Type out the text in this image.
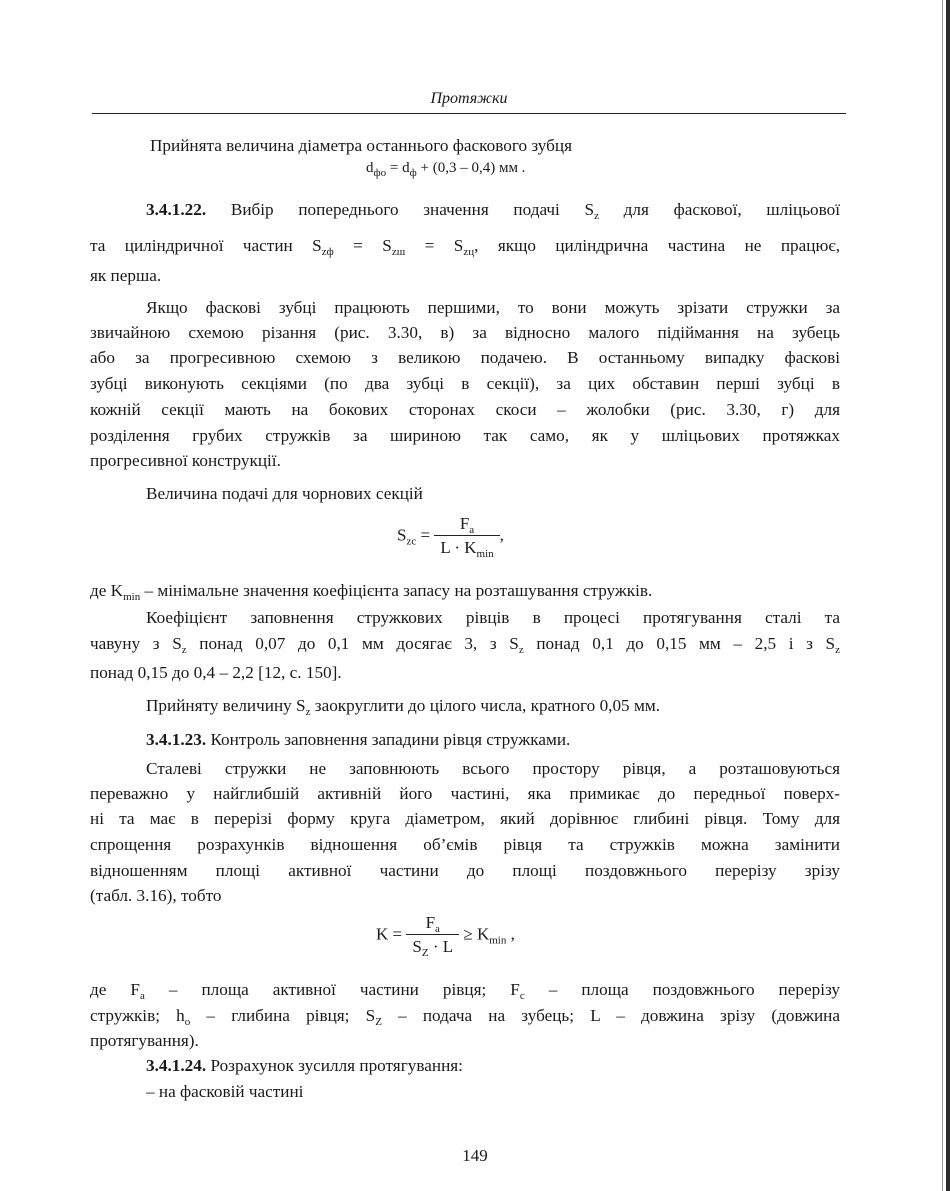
Протяжки
Прийнята величина діаметра останнього фаскового зубця
$d_{фо} = d_ф + (0,3 - 0,4)$ мм .
3.4.1.22. Вибір попереднього значення подачі $S_z$ для фаскової, шліцьової
та циліндричної частин $S_{zф} = S_{zш} = S_{zц}$, якщо циліндрична частина не працює,
як перша.
Якщо фаскові зубці працюють першими, то вони можуть зрізати стружки за
звичайною схемою різання (рис. 3.30, в) за відносно малого підіймання на зубець
або за прогресивною схемою з великою подачею. В останньому випадку фаскові
зубці виконують секціями (по два зубці в секції), за цих обставин перші зубці в
кожній секції мають на бокових сторонах скоси – жолобки (рис. 3.30, г) для
розділення грубих стружків за шириною так само, як у шліцьових протяжках
прогресивної конструкції.
Величина подачі для чорнових секцій
$S_{zc} = \frac{F_a}{L \cdot K_{min}}$ ,
де $K_{min}$ – мінімальне значення коефіцієнта запасу на розташування стружків.
Коефіцієнт заповнення стружкових рівців в процесі протягування сталі та
чавуну з $S_z$ понад 0,07 до 0,1 мм досягає 3, з $S_z$ понад 0,1 до 0,15 мм – 2,5 і з $S_z$
понад 0,15 до 0,4 – 2,2 [12, с. 150].
Прийняту величину $S_z$ заокруглити до цілого числа, кратного 0,05 мм.
3.4.1.23. Контроль заповнення западини рівця стружками.
Сталеві стружки не заповнюють всього простору рівця, а розташовуються
переважно у найглибшій активній його частині, яка примикає до передньої поверх-
ні та має в перерізі форму круга діаметром, який дорівнює глибині рівця. Тому для
спрощення розрахунків відношення об’ємів рівця та стружків можна замінити
відношенням площі активної частини до площі поздовжнього перерізу зрізу
(табл. 3.16), тобто
$K = \frac{F_a}{S_Z \cdot L} \ge K_{min}$ ,
де $F_a$ – площа активної частини рівця; $F_c$ – площа поздовжнього перерізу
стружків; $h_o$ – глибина рівця; $S_Z$ – подача на зубець; L – довжина зрізу (довжина
протягування).
3.4.1.24. Розрахунок зусилля протягування:
– на фасковій частині
149
